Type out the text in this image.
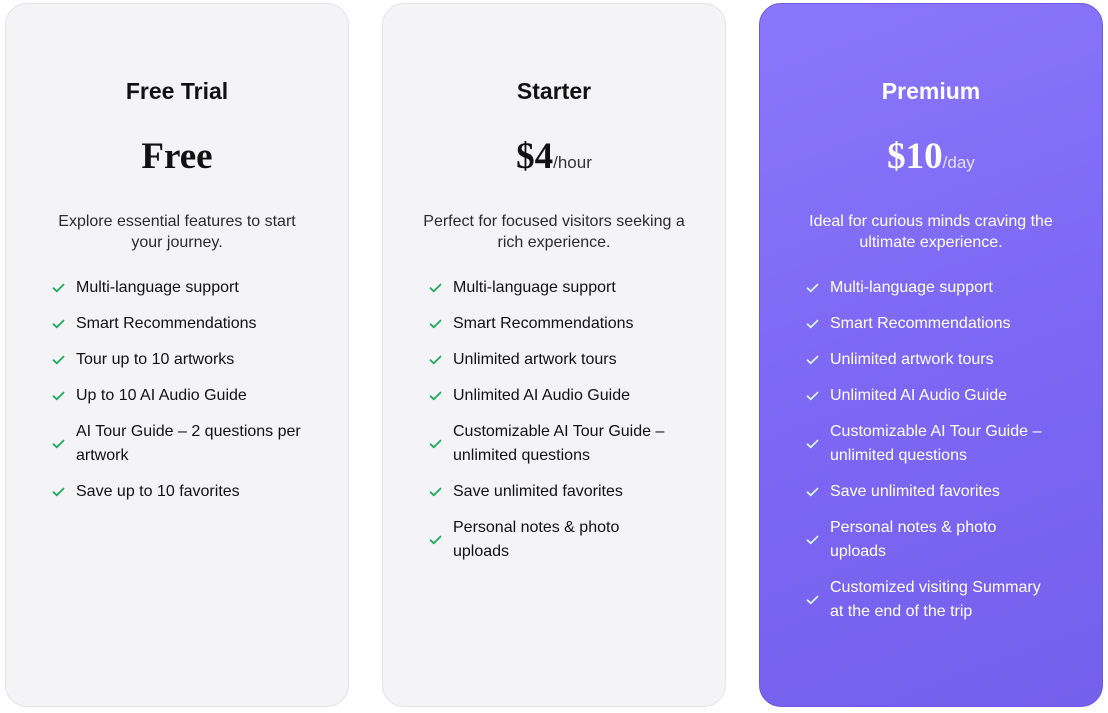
Free Trial
Free
Explore essential features to start your journey.
Multi-language support
Smart Recommendations
Tour up to 10 artworks
Up to 10 AI Audio Guide
AI Tour Guide – 2 questions per artwork
Save up to 10 favorites
Starter
$4/hour
Perfect for focused visitors seeking a rich experience.
Multi-language support
Smart Recommendations
Unlimited artwork tours
Unlimited AI Audio Guide
Customizable AI Tour Guide – unlimited questions
Save unlimited favorites
Personal notes & photo uploads
Premium
$10/day
Ideal for curious minds craving the ultimate experience.
Multi-language support
Smart Recommendations
Unlimited artwork tours
Unlimited AI Audio Guide
Customizable AI Tour Guide – unlimited questions
Save unlimited favorites
Personal notes & photo uploads
Customized visiting Summary at the end of the trip
